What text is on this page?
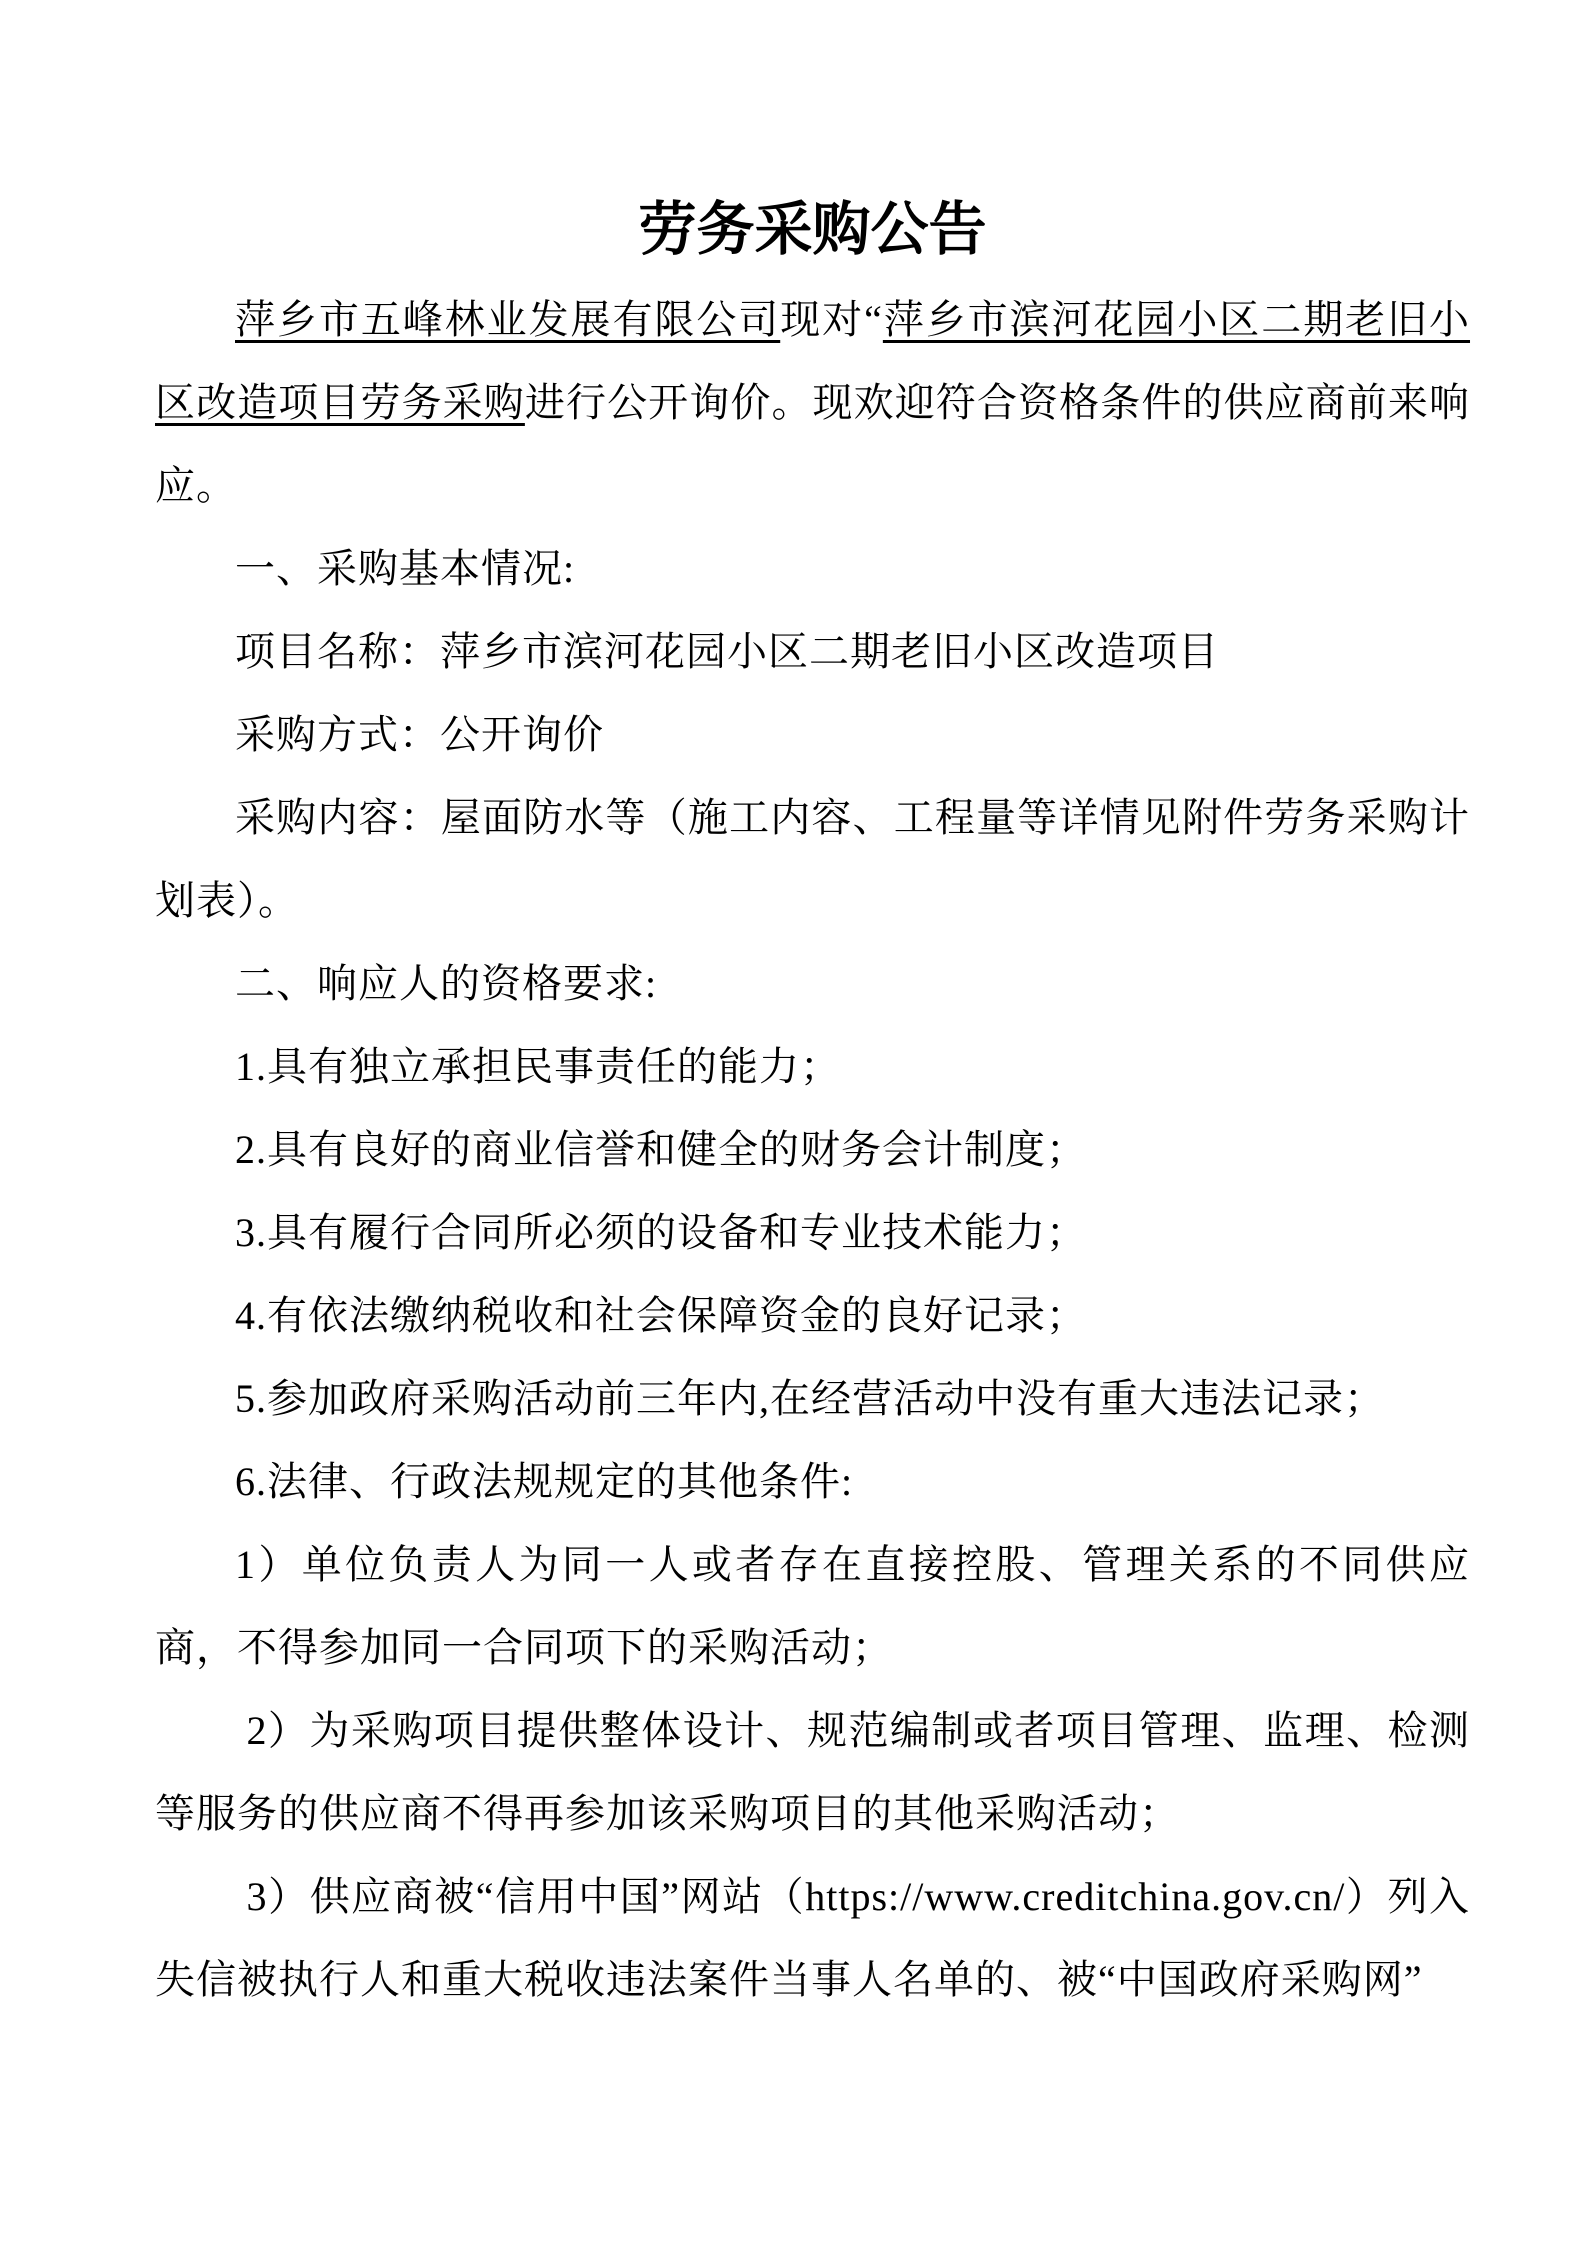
劳务采购公告

萍乡市五峰林业发展有限公司现对“萍乡市滨河花园小区二期老旧小区改造项目劳务采购进行公开询价。现欢迎符合资格条件的供应商前来响应。

一、采购基本情况:

项目名称：萍乡市滨河花园小区二期老旧小区改造项目

采购方式：公开询价

采购内容：屋面防水等（施工内容、工程量等详情见附件劳务采购计划表）。

二、响应人的资格要求:

1.具有独立承担民事责任的能力；

2.具有良好的商业信誉和健全的财务会计制度；

3.具有履行合同所必须的设备和专业技术能力；

4.有依法缴纳税收和社会保障资金的良好记录；

5.参加政府采购活动前三年内,在经营活动中没有重大违法记录；

6.法律、行政法规规定的其他条件:

1）单位负责人为同一人或者存在直接控股、管理关系的不同供应商，不得参加同一合同项下的采购活动；

2）为采购项目提供整体设计、规范编制或者项目管理、监理、检测等服务的供应商不得再参加该采购项目的其他采购活动；

3）供应商被“信用中国”网站（https://www.creditchina.gov.cn/）列入失信被执行人和重大税收违法案件当事人名单的、被“中国政府采购网”
